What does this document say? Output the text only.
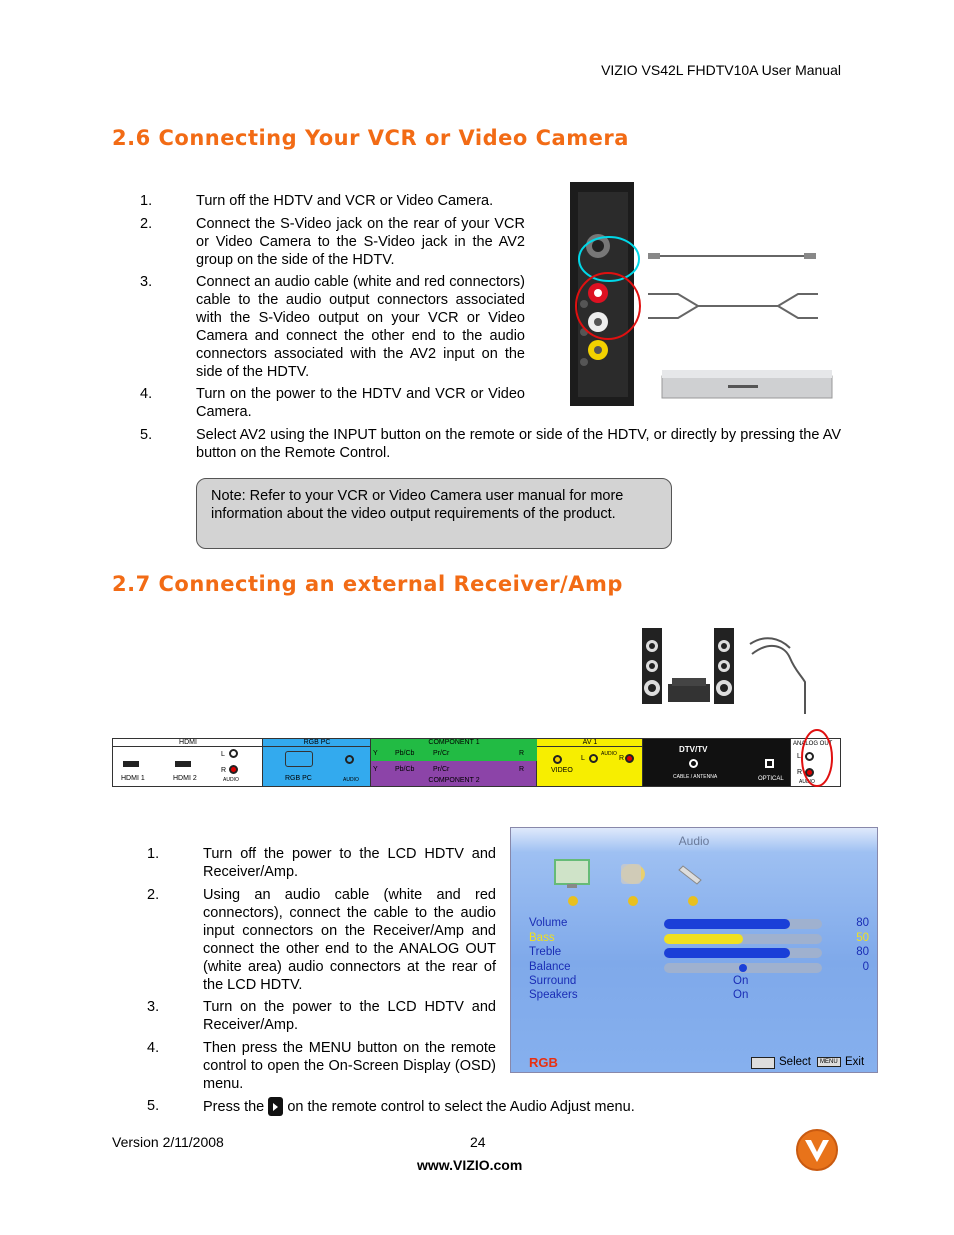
VIZIO VS42L FHDTV10A User Manual
2.6 Connecting Your VCR or Video Camera
1.	Turn off the HDTV and VCR or Video Camera.
2.	Connect the S-Video jack on the rear of your VCR or Video Camera to the S-Video jack in the AV2 group on the side of the HDTV.
3.	Connect an audio cable (white and red connectors) cable to the audio output connectors associated with the S-Video output on your VCR or Video Camera and connect the other end to the audio connectors associated with the AV2 input on the side of the HDTV.
4.	Turn on the power to the HDTV and VCR or Video Camera.
5.	Select AV2 using the INPUT button on the remote or side of the HDTV, or directly by pressing the AV button on the Remote Control.
Note: Refer to your VCR or Video Camera user manual for more information about the video output requirements of the product.
2.7 Connecting an external Receiver/Amp
HDMI
HDMI 1	HDMI 2
L
R
AUDIO
RGB PC
RGB PC	AUDIO
COMPONENT 1
Y Pb/Cb	Pr/Cr	R
Y Pb/Cb	Pr/Cr	R
COMPONENT 2
AV 1
VIDEO
L
AUDIO
R
DTV/TV
CABLE / ANTENNA	OPTICAL
ANALOG OUT
L
R
AUDIO
1.	Turn off the power to the LCD HDTV and Receiver/Amp.
2.	Using an audio cable (white and red connectors), connect the cable to the audio input connectors on the Receiver/Amp and connect the other end to the ANALOG OUT (white area) audio connectors at the rear of the LCD HDTV.
3.	Turn on the power to the LCD HDTV and Receiver/Amp.
4.	Then press the MENU button on the remote control to open the On-Screen Display (OSD) menu.
5.	Press the on the remote control to select the Audio Adjust menu.
Audio
Volume	80
Bass	50
Treble	80
Balance	0
Surround	On
Speakers	On
RGB	Select	MENU Exit
Version 2/11/2008	24
www.VIZIO.com
